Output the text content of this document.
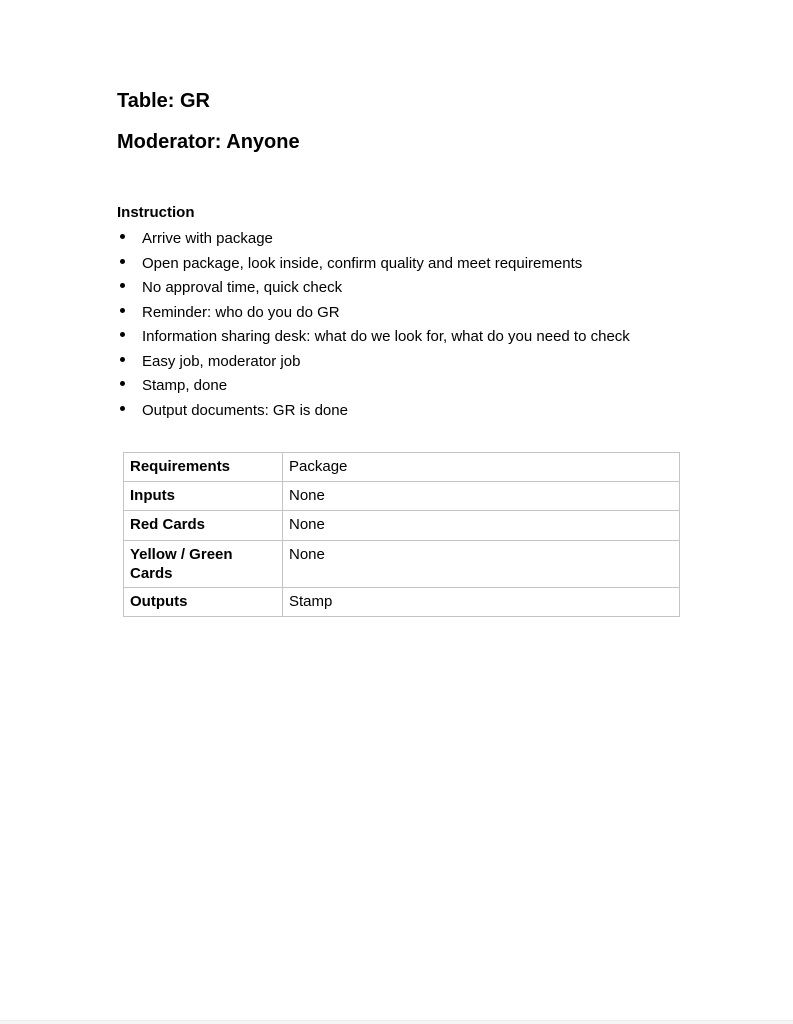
Table: GR
Moderator: Anyone
Instruction
Arrive with package
Open package, look inside, confirm quality and meet requirements
No approval time, quick check
Reminder: who do you do GR
Information sharing desk: what do we look for, what do you need to check
Easy job, moderator job
Stamp, done
Output documents: GR is done
Requirements	Package
Inputs	None
Red Cards	None
Yellow / Green Cards	None
Outputs	Stamp
